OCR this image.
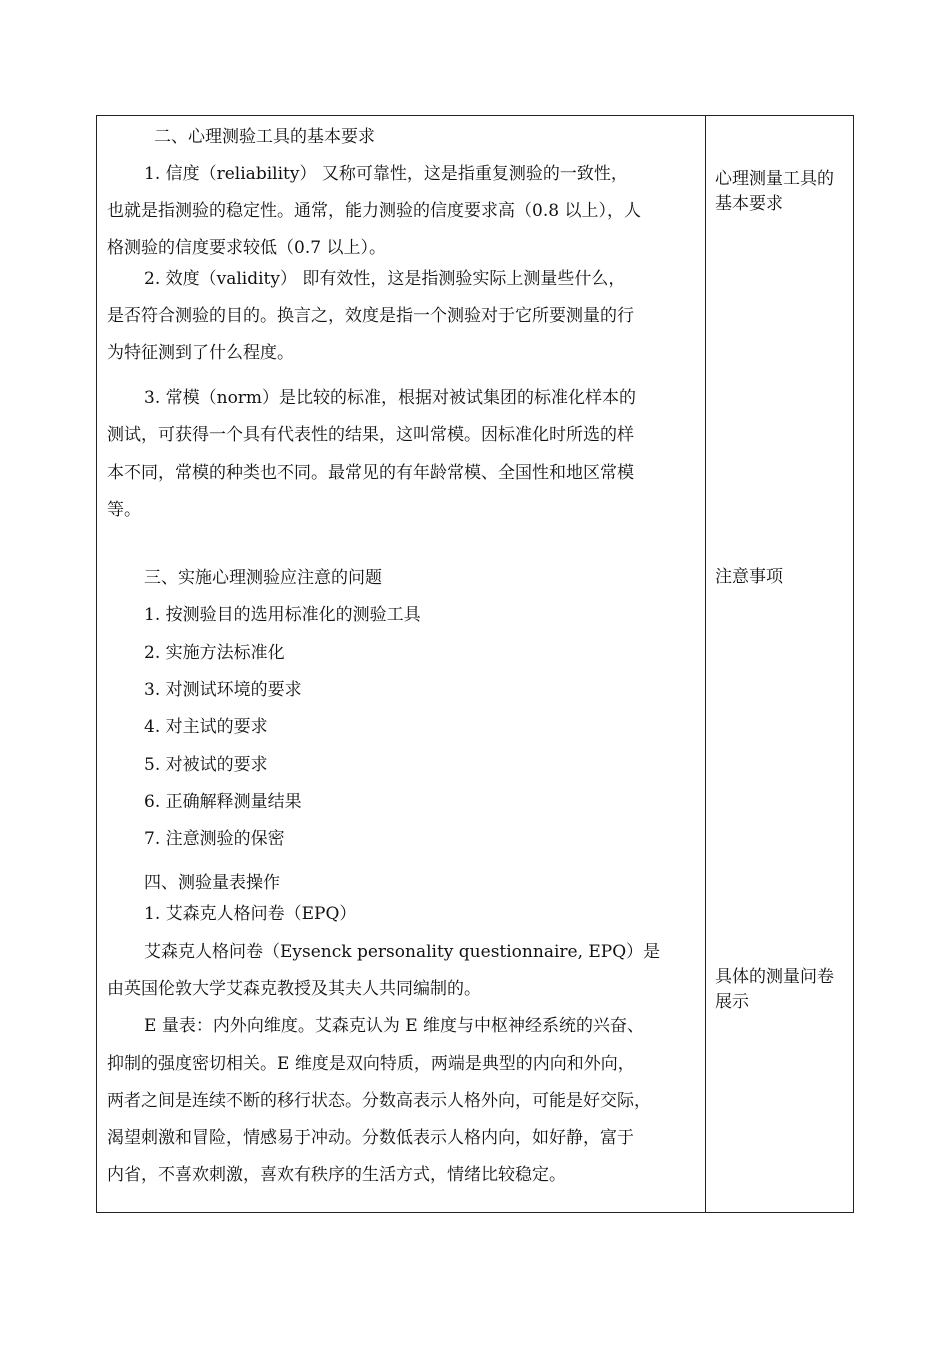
二、心理测验工具的基本要求
1. 信度（reliability） 又称可靠性，这是指重复测验的一致性，
也就是指测验的稳定性。通常，能力测验的信度要求高（0.8 以上），人
格测验的信度要求较低（0.7 以上）。
2. 效度（validity） 即有效性，这是指测验实际上测量些什么，
是否符合测验的目的。换言之，效度是指一个测验对于它所要测量的行
为特征测到了什么程度。
3. 常模（norm）是比较的标准，根据对被试集团的标准化样本的
测试，可获得一个具有代表性的结果，这叫常模。因标准化时所选的样
本不同，常模的种类也不同。最常见的有年龄常模、全国性和地区常模
等。
三、实施心理测验应注意的问题
1. 按测验目的选用标准化的测验工具
2. 实施方法标准化
3. 对测试环境的要求
4. 对主试的要求
5. 对被试的要求
6. 正确解释测量结果
7. 注意测验的保密
四、测验量表操作
1. 艾森克人格问卷（EPQ）
艾森克人格问卷（Eysenck personality questionnaire, EPQ）是
由英国伦敦大学艾森克教授及其夫人共同编制的。
E 量表：内外向维度。艾森克认为 E 维度与中枢神经系统的兴奋、
抑制的强度密切相关。E 维度是双向特质，两端是典型的内向和外向，
两者之间是连续不断的移行状态。分数高表示人格外向，可能是好交际，
渴望刺激和冒险，情感易于冲动。分数低表示人格内向，如好静，富于
内省，不喜欢刺激，喜欢有秩序的生活方式，情绪比较稳定。
心理测量工具的
基本要求
注意事项
具体的测量问卷
展示
